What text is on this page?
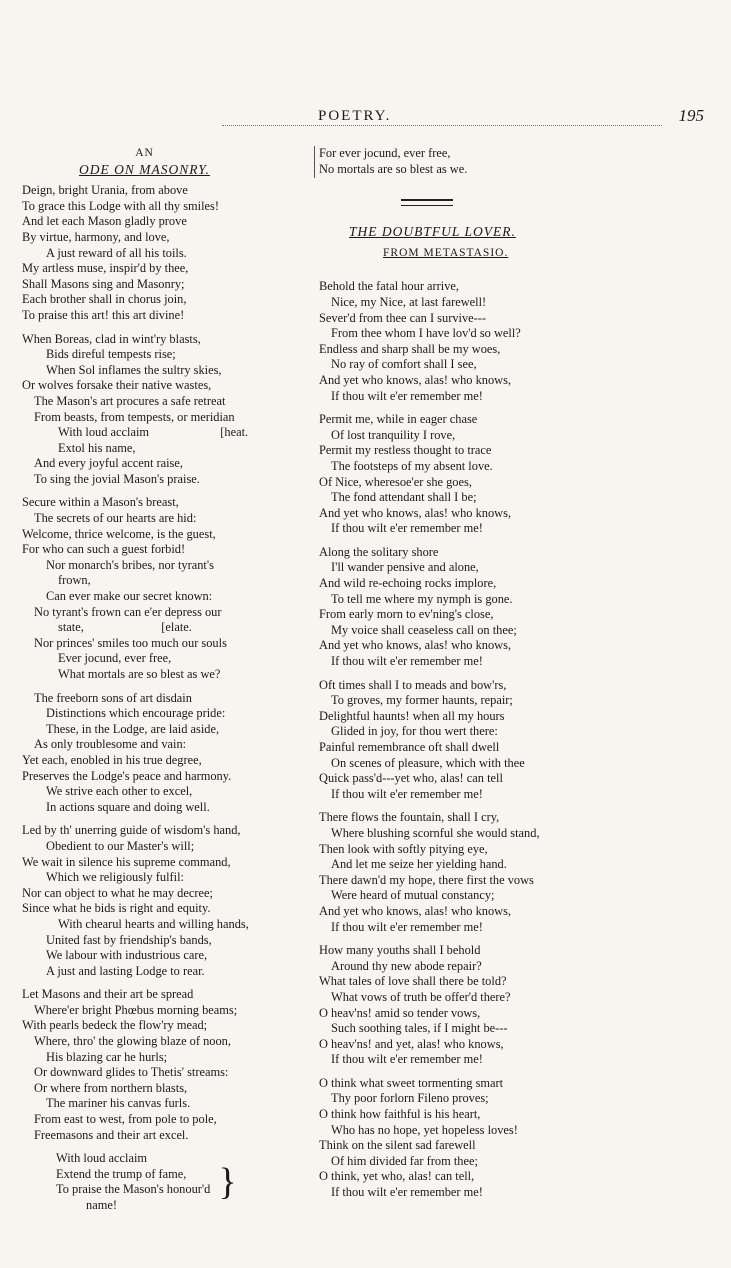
POETRY.	195
AN
ODE ON MASONRY.
Deign, bright Urania, from above
To grace this Lodge with all thy smiles!
And let each Mason gladly prove
By virtue, harmony, and love,
A just reward of all his toils.
My artless muse, inspir'd by thee,
Shall Masons sing and Masonry;
Each brother shall in chorus join,
To praise this art! this art divine!
When Boreas, clad in wint'ry blasts,
Bids direful tempests rise;
When Sol inflames the sultry skies,
Or wolves forsake their native wastes,
The Mason's art procures a safe retreat
From beasts, from tempests, or meridian
With loud acclaim                       [heat.
Extol his name,
And every joyful accent raise,
To sing the jovial Mason's praise.
Secure within a Mason's breast,
The secrets of our hearts are hid:
Welcome, thrice welcome, is the guest,
For who can such a guest forbid!
Nor monarch's bribes, nor tyrant's
frown,
Can ever make our secret known:
No tyrant's frown can e'er depress our
state,                         [elate.
Nor princes' smiles too much our souls
Ever jocund, ever free,
What mortals are so blest as we?
The freeborn sons of art disdain
Distinctions which encourage pride:
These, in the Lodge, are laid aside,
As only troublesome and vain:
Yet each, enobled in his true degree,
Preserves the Lodge's peace and harmony.
We strive each other to excel,
In actions square and doing well.
Led by th' unerring guide of wisdom's hand,
Obedient to our Master's will;
We wait in silence his supreme command,
Which we religiously fulfil:
Nor can object to what he may decree;
Since what he bids is right and equity.
With chearul hearts and willing hands,
United fast by friendship's bands,
We labour with industrious care,
A just and lasting Lodge to rear.
Let Masons and their art be spread
Where'er bright Phœbus morning beams;
With pearls bedeck the flow'ry mead;
Where, thro' the glowing blaze of noon,
His blazing car he hurls;
Or downward glides to Thetis' streams:
Or where from northern blasts,
The mariner his canvas furls.
From east to west, from pole to pole,
Freemasons and their art excel.
With loud acclaim
Extend the trump of fame,
To praise the Mason's honour'd
name!
}
For ever jocund, ever free,
No mortals are so blest as we.
THE DOUBTFUL LOVER.
FROM METASTASIO.
Behold the fatal hour arrive,
Nice, my Nice, at last farewell!
Sever'd from thee can I survive---
From thee whom I have lov'd so well?
Endless and sharp shall be my woes,
No ray of comfort shall I see,
And yet who knows, alas! who knows,
If thou wilt e'er remember me!
Permit me, while in eager chase
Of lost tranquility I rove,
Permit my restless thought to trace
The footsteps of my absent love.
Of Nice, wheresoe'er she goes,
The fond attendant shall I be;
And yet who knows, alas! who knows,
If thou wilt e'er remember me!
Along the solitary shore
I'll wander pensive and alone,
And wild re-echoing rocks implore,
To tell me where my nymph is gone.
From early morn to ev'ning's close,
My voice shall ceaseless call on thee;
And yet who knows, alas! who knows,
If thou wilt e'er remember me!
Oft times shall I to meads and bow'rs,
To groves, my former haunts, repair;
Delightful haunts! when all my hours
Glided in joy, for thou wert there:
Painful remembrance oft shall dwell
On scenes of pleasure, which with thee
Quick pass'd---yet who, alas! can tell
If thou wilt e'er remember me!
There flows the fountain, shall I cry,
Where blushing scornful she would stand,
Then look with softly pitying eye,
And let me seize her yielding hand.
There dawn'd my hope, there first the vows
Were heard of mutual constancy;
And yet who knows, alas! who knows,
If thou wilt e'er remember me!
How many youths shall I behold
Around thy new abode repair?
What tales of love shall there be told?
What vows of truth be offer'd there?
O heav'ns! amid so tender vows,
Such soothing tales, if I might be---
O heav'ns! and yet, alas! who knows,
If thou wilt e'er remember me!
O think what sweet tormenting smart
Thy poor forlorn Fileno proves;
O think how faithful is his heart,
Who has no hope, yet hopeless loves!
Think on the silent sad farewell
Of him divided far from thee;
O think, yet who, alas! can tell,
If thou wilt e'er remember me!
